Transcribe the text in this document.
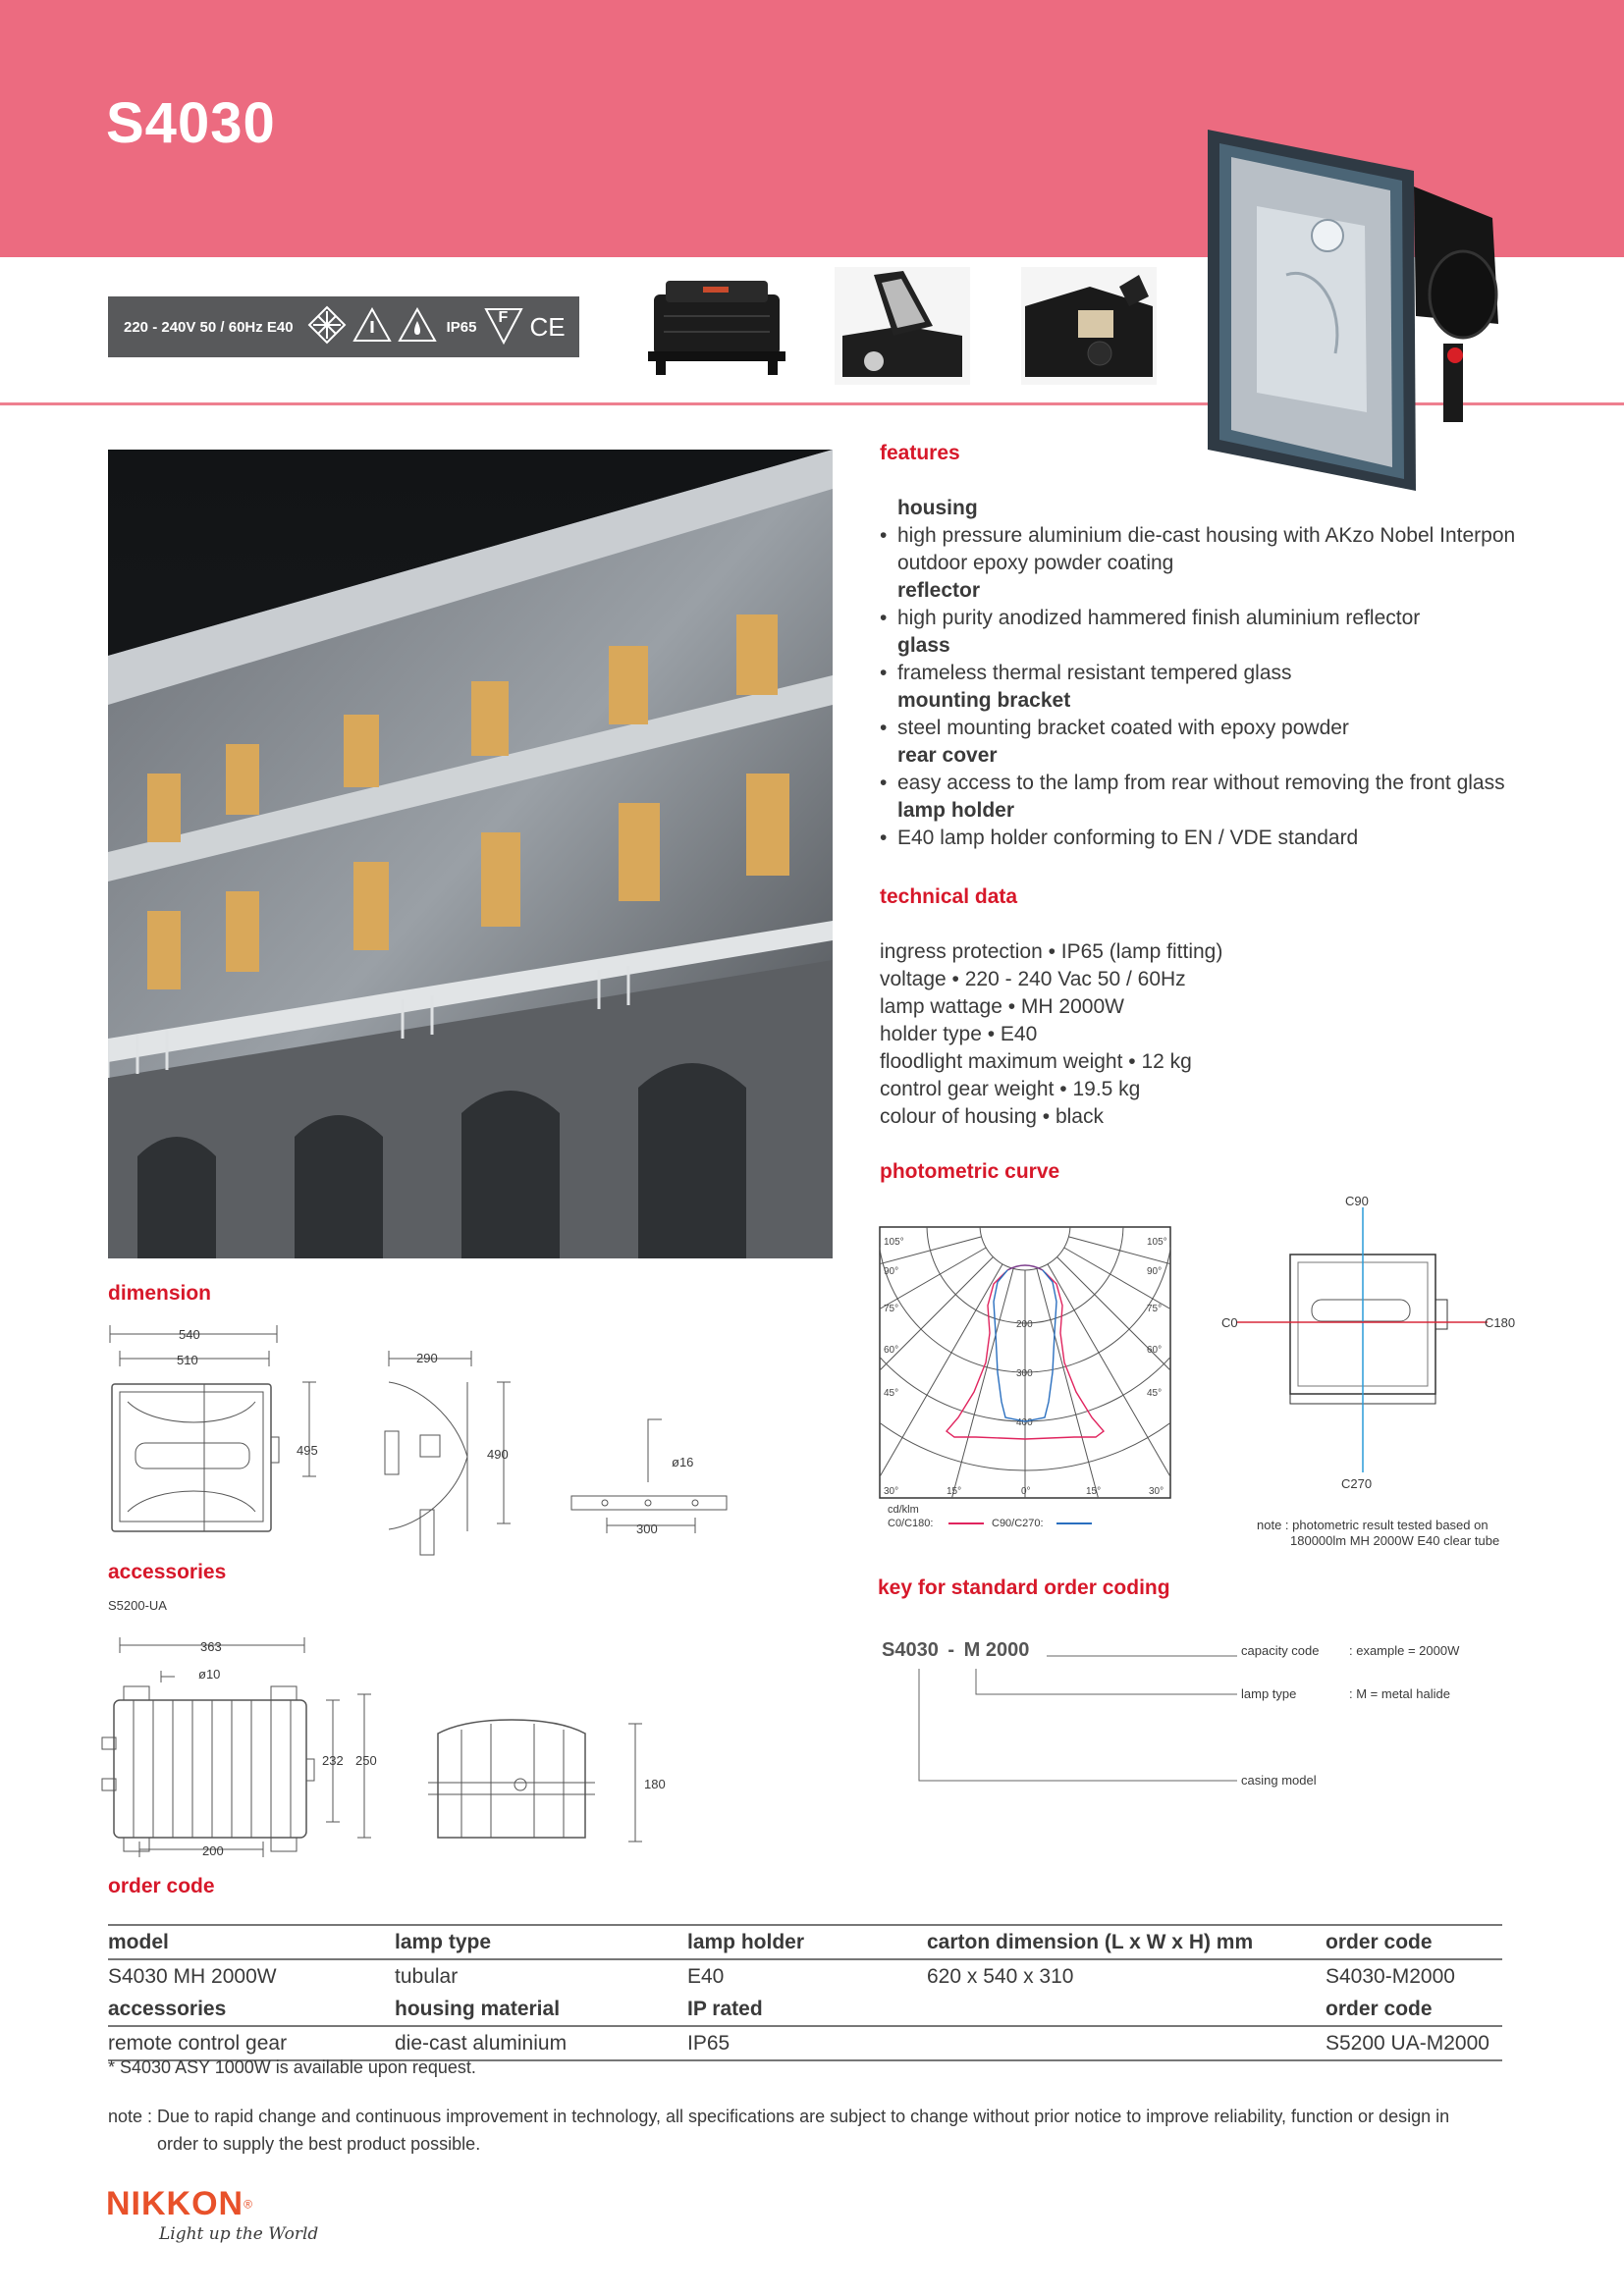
S4030
220 - 240V 50 / 60Hz E40	IP65
F CE
features
housing
• high pressure aluminium die-cast housing with AKzo Nobel Interpon
outdoor epoxy powder coating
reflector
• high purity anodized hammered finish aluminium reflector
glass
• frameless thermal resistant tempered glass
mounting bracket
• steel mounting bracket coated with epoxy powder
rear cover
• easy access to the lamp from rear without removing the front glass
lamp holder
• E40 lamp holder conforming to EN / VDE standard
technical data
ingress protection • IP65 (lamp fitting)
voltage • 220 - 240 Vac 50 / 60Hz
lamp wattage • MH 2000W
holder type • E40
floodlight maximum weight • 12 kg
control gear weight • 19.5 kg
colour of housing • black
photometric curve
105°	105°
90°	90°
75°	75°
60°	60°
45°	45°
30°	15°	0°	15°	30°
200
300
400
cd/klm
C0/C180:	C90/C270:
C90
C270
C0	C180
note : photometric result tested based on
180000lm MH 2000W E40 clear tube
dimension
540
510
495
290
490
ø16
300
accessories
S5200-UA
363
ø10
232 250
200
180
key for standard order coding
S4030 - M 2000	capacity code : example = 2000W
lamp type	: M = metal halide
casing model
order code
model	lamp type	lamp holder	carton dimension (L x W x H) mm	order code
S4030 MH 2000W	tubular	E40	620 x 540 x 310	S4030-M2000
accessories	housing material	IP rated		order code
remote control gear	die-cast aluminium	IP65		S5200 UA-M2000
* S4030 ASY 1000W is available upon request.
note : Due to rapid change and continuous improvement in technology, all specifications are subject to change without prior notice to improve reliability, function or design in
order to supply the best product possible.
NIKKON®
Light up the World
